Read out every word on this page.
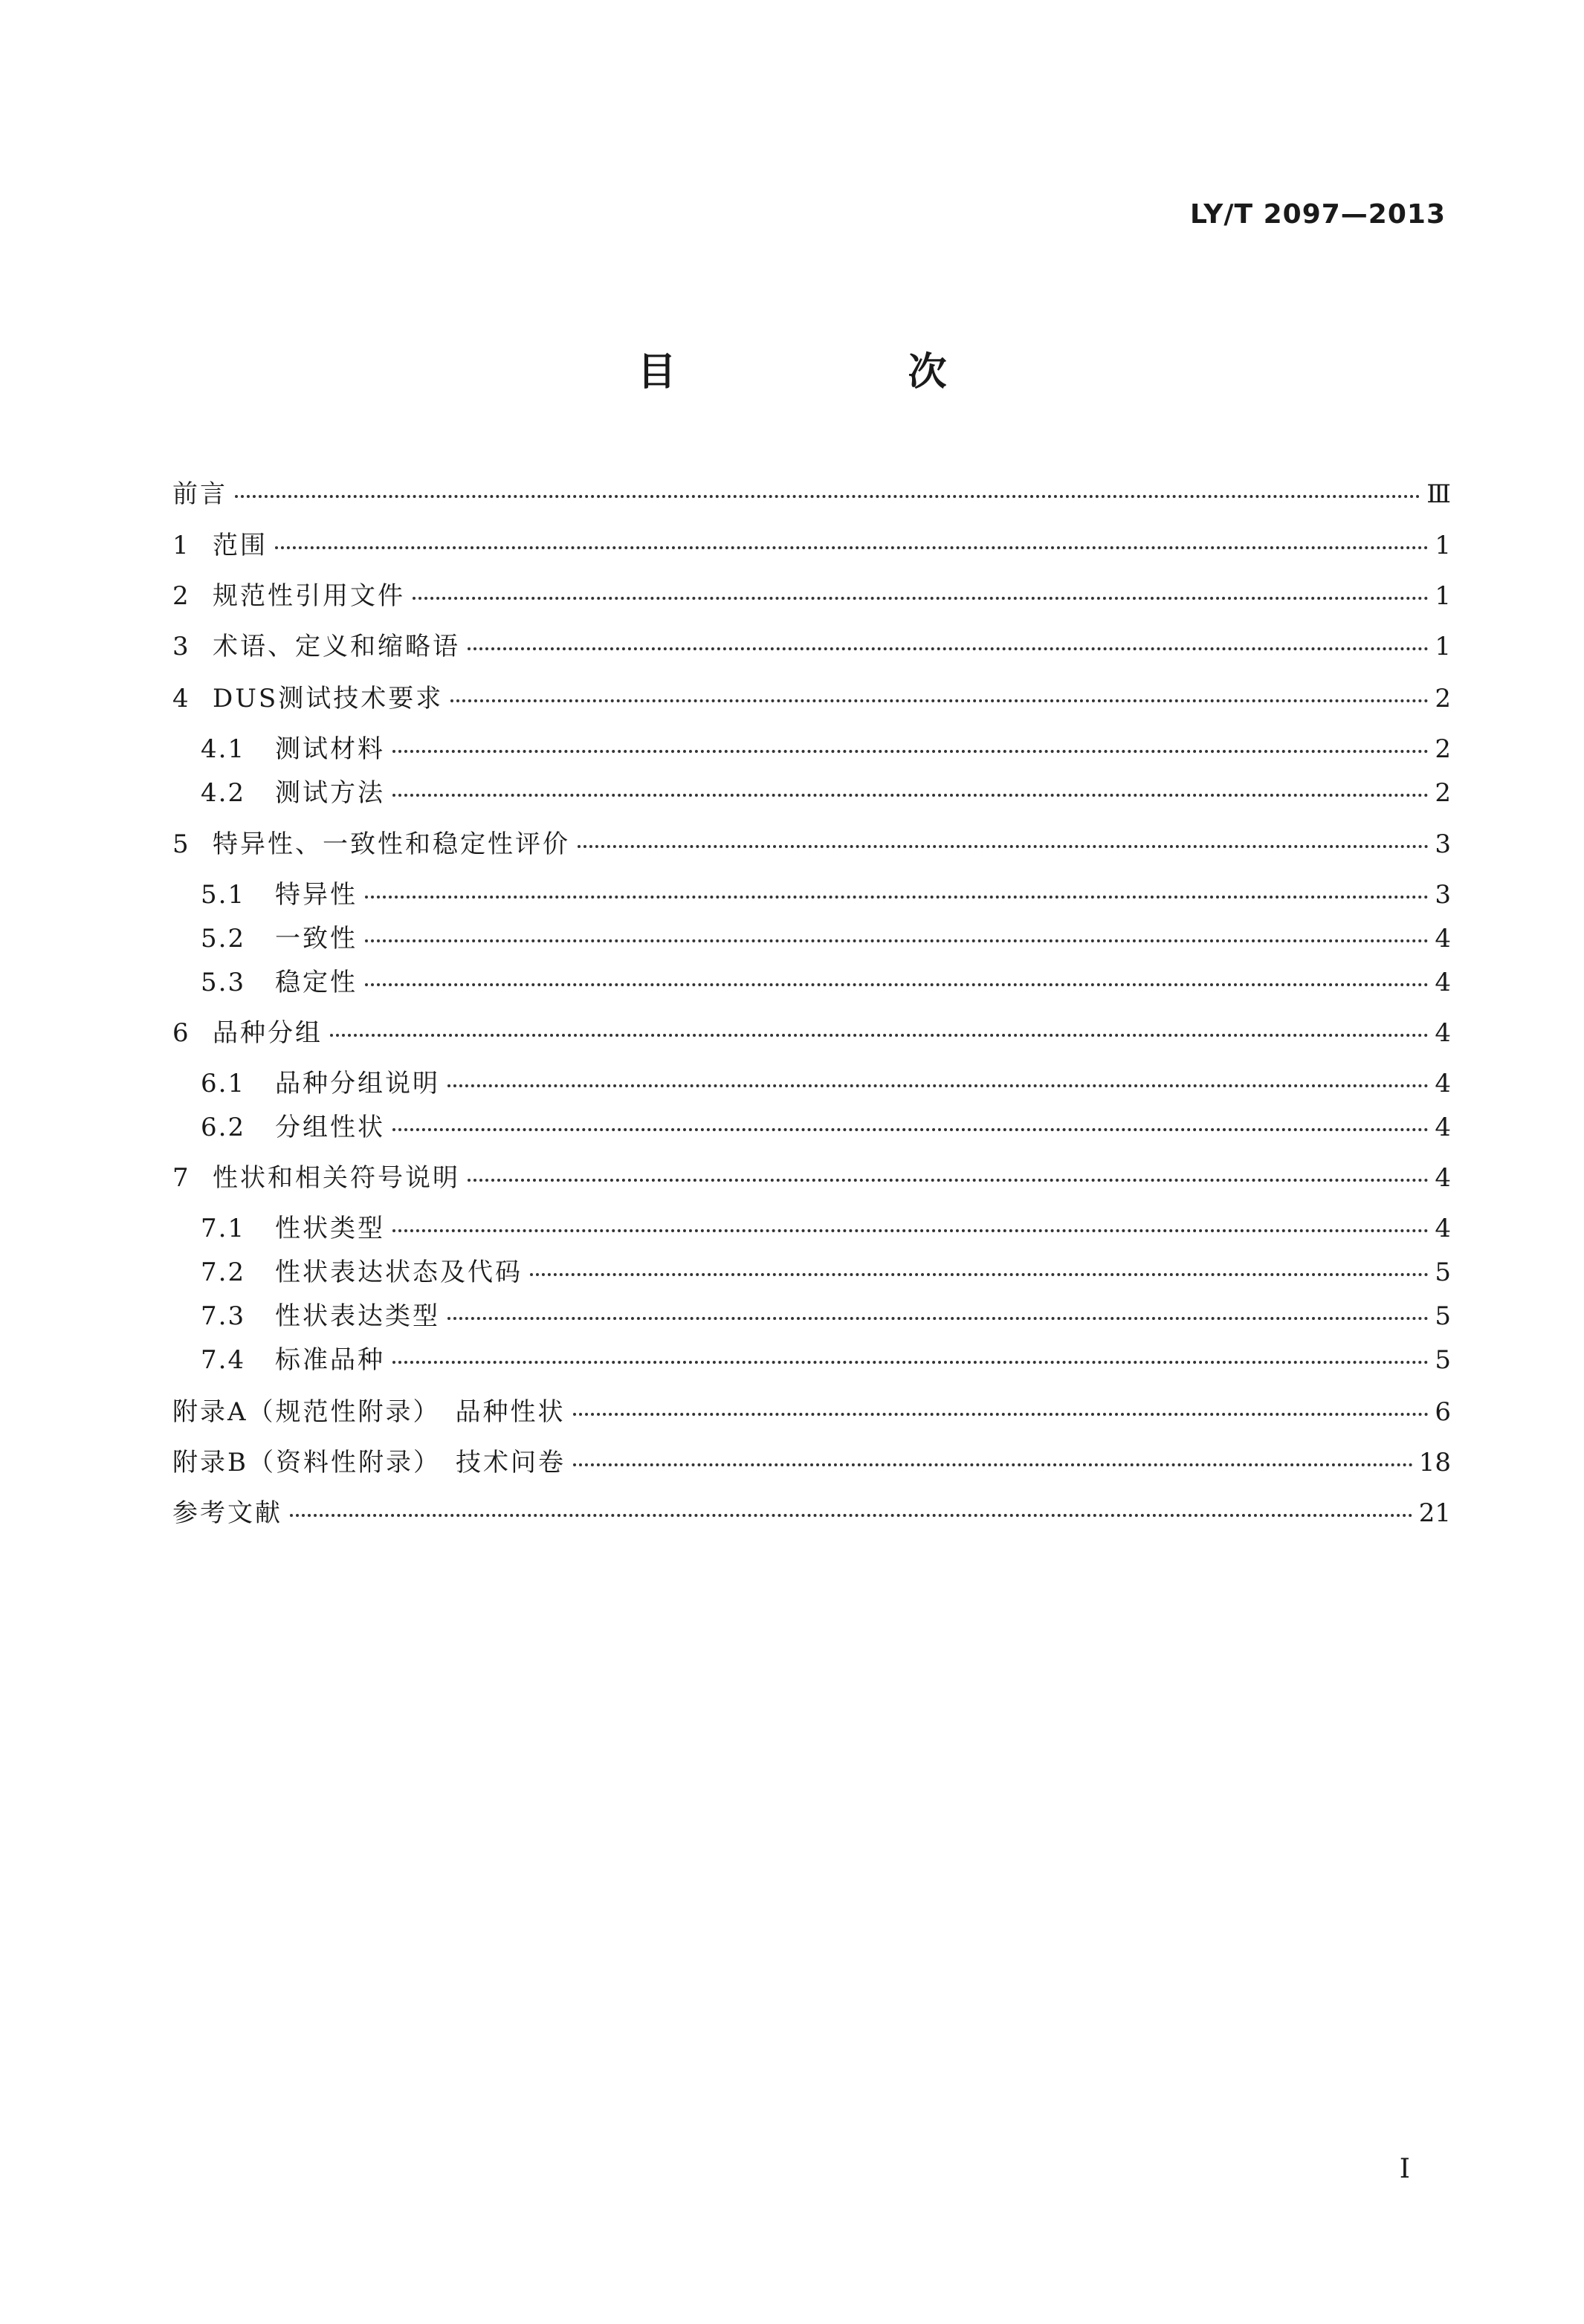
LY/T 2097—2013
目　次
前言	Ⅲ
1 范围	1
2 规范性引用文件	1
3 术语、定义和缩略语	1
4 DUS测试技术要求	2
4.1	测试材料	2
4.2	测试方法	2
5 特异性、一致性和稳定性评价	3
5.1	特异性	3
5.2	一致性	4
5.3	稳定性	4
6 品种分组	4
6.1	品种分组说明	4
6.2	分组性状	4
7 性状和相关符号说明	4
7.1	性状类型	4
7.2	性状表达状态及代码	5
7.3	性状表达类型	5
7.4	标准品种	5
附录A（规范性附录）　品种性状	6
附录B（资料性附录）　技术问卷	18
参考文献	21
I
